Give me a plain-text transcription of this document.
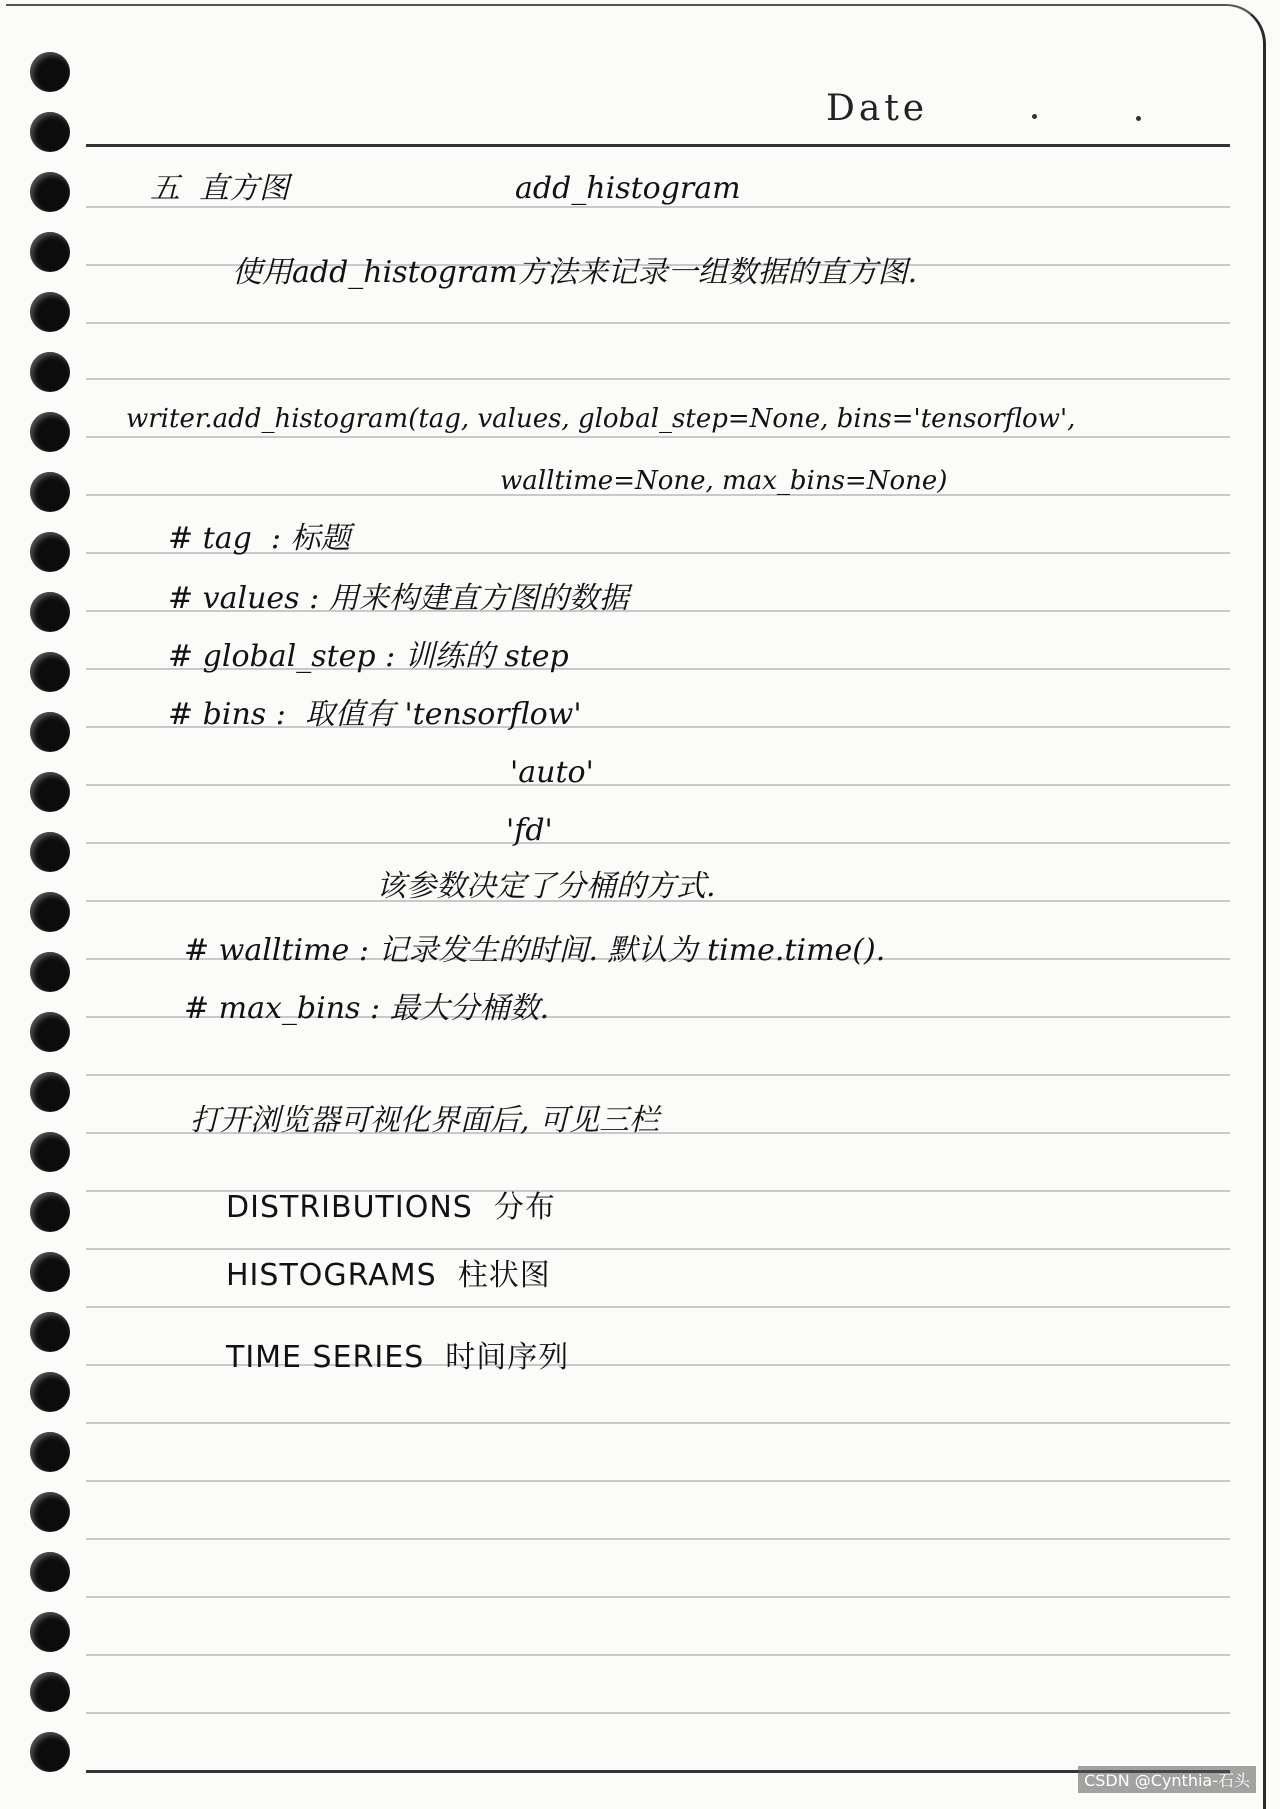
Date
五  直方图	add_histogram
使用add_histogram方法来记录一组数据的直方图.
writer.add_histogram(tag, values, global_step=None, bins='tensorflow',
walltime=None, max_bins=None)
# tag  : 标题
# values : 用来构建直方图的数据
# global_step : 训练的 step
# bins :  取值有 'tensorflow'
'auto'
'fd'
该参数决定了分桶的方式.
# walltime : 记录发生的时间. 默认为 time.time().
# max_bins : 最大分桶数.
打开浏览器可视化界面后, 可见三栏
DISTRIBUTIONS  分布
HISTOGRAMS  柱状图
TIME SERIES  时间序列
CSDN @Cynthia-石头
